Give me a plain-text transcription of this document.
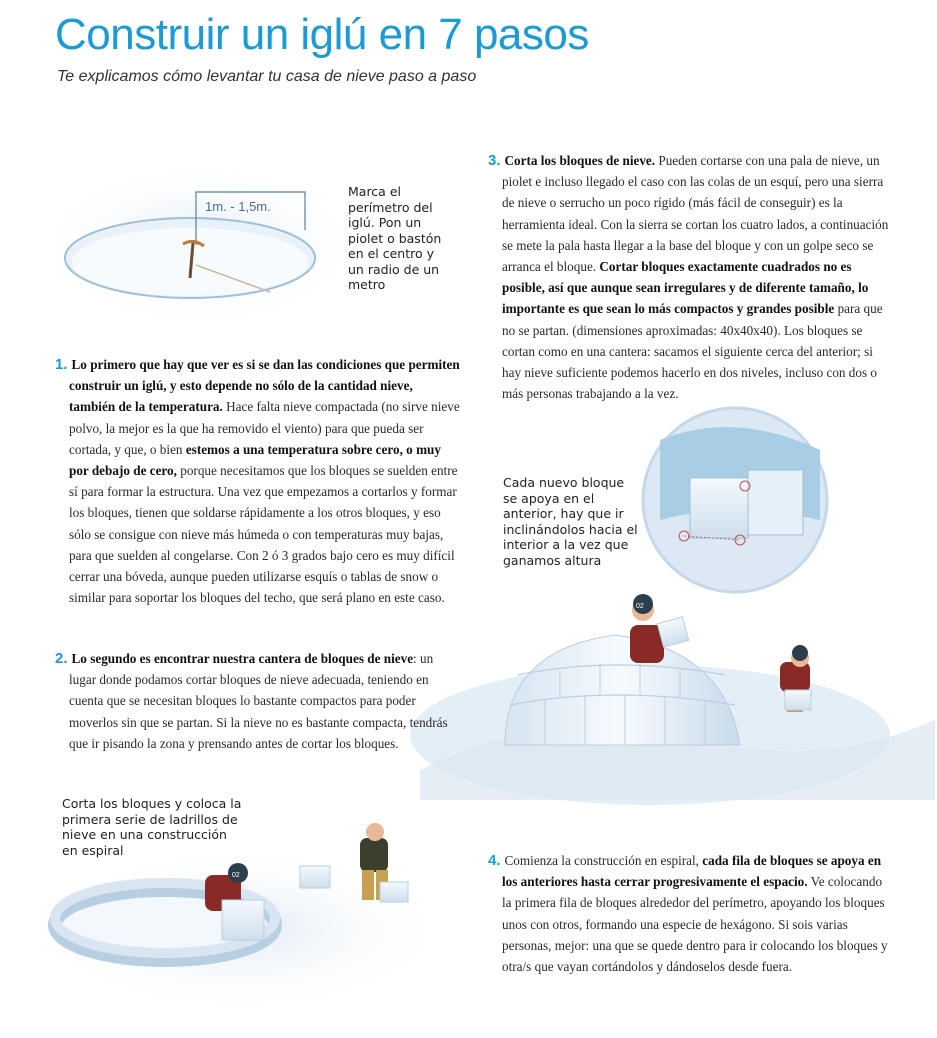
Construir un iglú en 7 pasos
Te explicamos cómo levantar tu casa de nieve paso a paso
1m. - 1,5m.
02
02
Marca el perímetro del iglú. Pon un piolet o bastón en el centro y un radio de un metro
Cada nuevo bloque se apoya en el anterior, hay que ir inclinándolos hacia el interior a la vez que ganamos altura
Corta los bloques y coloca la primera serie de ladrillos de nieve en una construcción en espiral
1. Lo primero que hay que ver es si se dan las condiciones que permiten construir un iglú, y esto depende no sólo de la cantidad nieve, también de la temperatura. Hace falta nieve compactada (no sirve nieve polvo, la mejor es la que ha removido el viento) para que pueda ser cortada, y que, o bien estemos a una temperatura sobre cero, o muy por debajo de cero, porque necesitamos que los bloques se suelden entre sí para formar la estructura. Una vez que empezamos a cortarlos y formar los bloques, tienen que soldarse rápidamente a los otros bloques, y eso sólo se consigue con nieve más húmeda o con temperaturas muy bajas, para que suelden al congelarse. Con 2 ó 3 grados bajo cero es muy difícil cerrar una bóveda, aunque pueden utilizarse esquís o tablas de snow o similar para soportar los bloques del techo, que será plano en este caso.
2. Lo segundo es encontrar nuestra cantera de bloques de nieve: un lugar donde podamos cortar bloques de nieve adecuada, teniendo en cuenta que se necesitan bloques lo bastante compactos para poder moverlos sin que se partan. Si la nieve no es bastante compacta, tendrás que ir pisando la zona y prensando antes de cortar los bloques.
3. Corta los bloques de nieve. Pueden cortarse con una pala de nieve, un piolet e incluso llegado el caso con las colas de un esquí, pero una sierra de nieve o serrucho un poco rígido (más fácil de conseguir) es la herramienta ideal. Con la sierra se cortan los cuatro lados, a continuación se mete la pala hasta llegar a la base del bloque y con un golpe seco se arranca el bloque. Cortar bloques exactamente cuadrados no es posible, así que aunque sean irregulares y de diferente tamaño, lo importante es que sean lo más compactos y grandes posible para que no se partan. (dimensiones aproximadas: 40x40x40). Los bloques se cortan como en una cantera: sacamos el siguiente cerca del anterior; si hay nieve suficiente podemos hacerlo en dos niveles, incluso con dos o más personas trabajando a la vez.
4. Comienza la construcción en espiral, cada fila de bloques se apoya en los anteriores hasta cerrar progresivamente el espacio. Ve colocando la primera fila de bloques alrededor del perímetro, apoyando los bloques unos con otros, formando una especie de hexágono. Si sois varias personas, mejor: una que se quede dentro para ir colocando los bloques y otra/s que vayan cortándolos y dándoselos desde fuera.
